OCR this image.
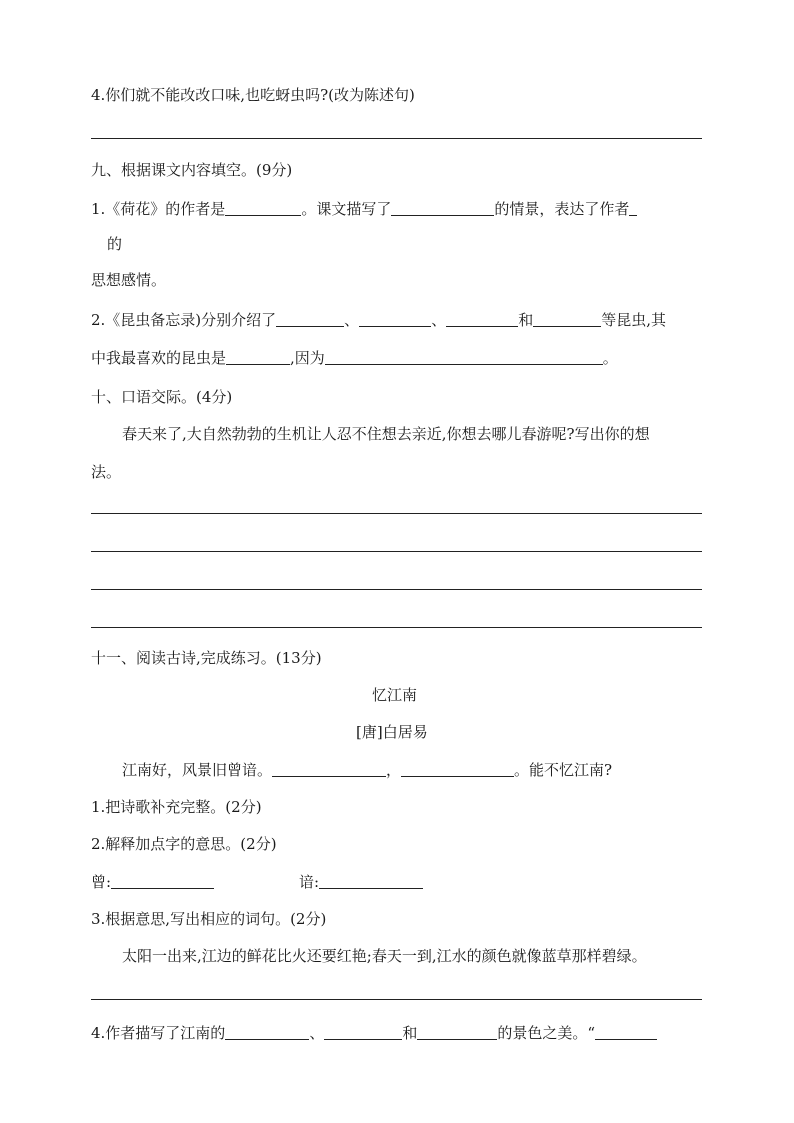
4.你们就不能改改口味,也吃蚜虫吗?(改为陈述句)
九、根据课文内容填空。(9分)
1.《荷花》的作者是	。课文描写了	的情景，表达了作者
的
思想感情。
2.《昆虫备忘录)分别介绍了	、	、	和	等昆虫,其
中我最喜欢的昆虫是	,因为	。
十、口语交际。(4分)
春天来了,大自然勃勃的生机让人忍不住想去亲近,你想去哪儿春游呢?写出你的想
法。
十一、阅读古诗,完成练习。(13分)
忆江南
[唐]白居易
江南好，风景旧曾谙。	，	。能不忆江南?
1.把诗歌补充完整。(2分)
2.解释加点字的意思。(2分)
曾:	谙:
3.根据意思,写出相应的词句。(2分)
太阳一出来,江边的鲜花比火还要红艳;春天一到,江水的颜色就像蓝草那样碧绿。
4.作者描写了江南的	、	和	的景色之美。“
